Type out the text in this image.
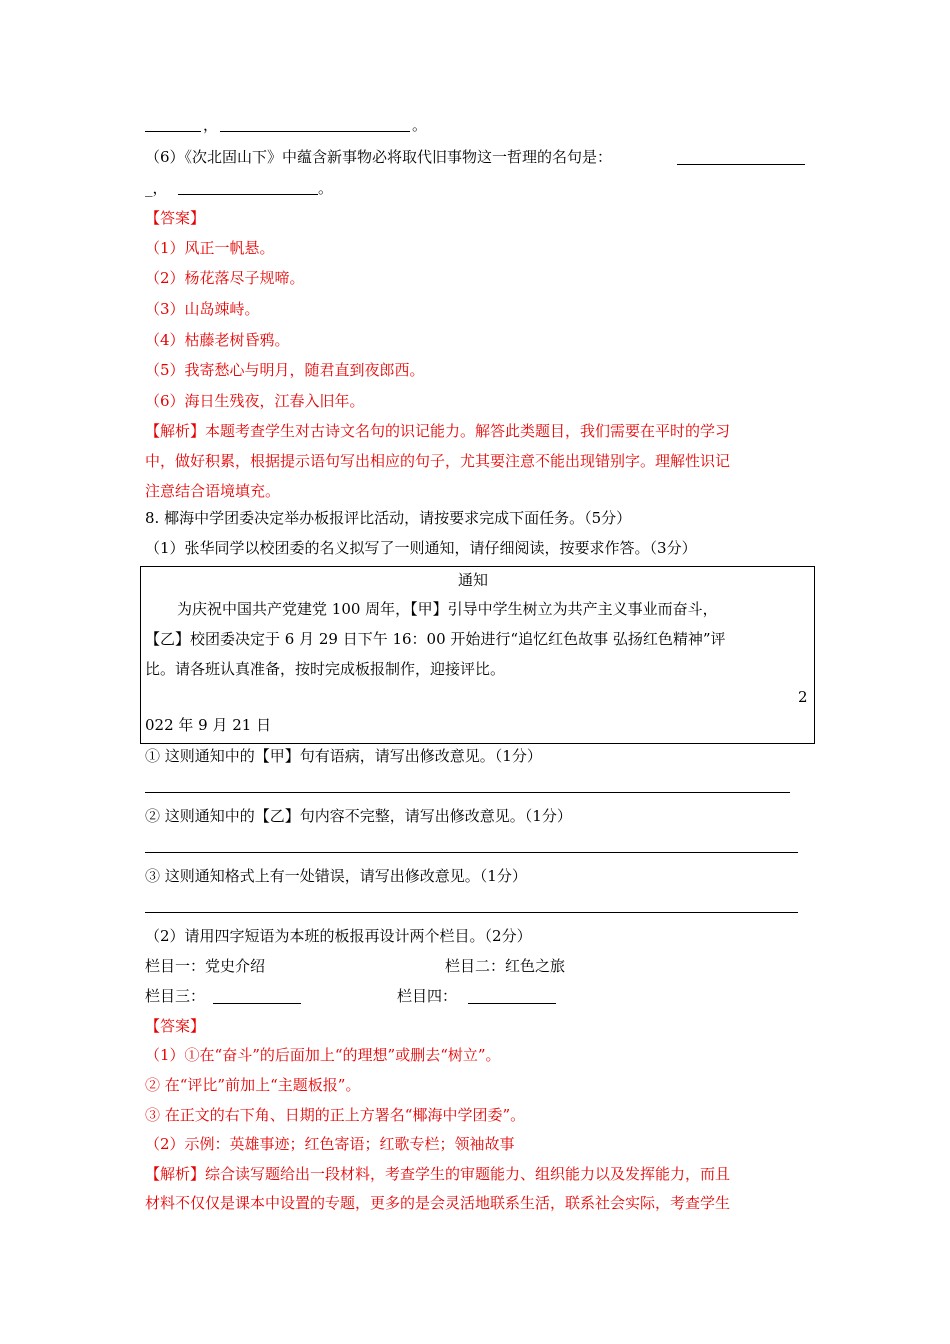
，	。
（6）《次北固山下》中蕴含新事物必将取代旧事物这一哲理的名句是：
_，	。
【答案】
（1）风正一帆悬。
（2）杨花落尽子规啼。
（3）山岛竦峙。
（4）枯藤老树昏鸦。
（5）我寄愁心与明月，随君直到夜郎西。
（6）海日生残夜，江春入旧年。
【解析】本题考查学生对古诗文名句的识记能力。解答此类题目，我们需要在平时的学习
中，做好积累，根据提示语句写出相应的句子，尤其要注意不能出现错别字。理解性识记
注意结合语境填充。
8. 椰海中学团委决定举办板报评比活动，请按要求完成下面任务。（5分）
（1）张华同学以校团委的名义拟写了一则通知，请仔细阅读，按要求作答。（3分）
通知
为庆祝中国共产党建党 100 周年，【甲】引导中学生树立为共产主义事业而奋斗，
【乙】校团委决定于 6 月 29 日下午 16：00 开始进行“追忆红色故事 弘扬红色精神”评
比。请各班认真准备，按时完成板报制作，迎接评比。
2
022 年 9 月 21 日
① 这则通知中的【甲】句有语病，请写出修改意见。（1分）
② 这则通知中的【乙】句内容不完整，请写出修改意见。（1分）
③ 这则通知格式上有一处错误，请写出修改意见。（1分）
（2）请用四字短语为本班的板报再设计两个栏目。（2分）
栏目一：党史介绍	栏目二：红色之旅
栏目三：	栏目四：
【答案】
（1）①在“奋斗”的后面加上“的理想”或删去“树立”。
② 在“评比”前加上“主题板报”。
③ 在正文的右下角、日期的正上方署名“椰海中学团委”。
（2）示例：英雄事迹；红色寄语；红歌专栏；领袖故事
【解析】综合读写题给出一段材料，考查学生的审题能力、组织能力以及发挥能力，而且
材料不仅仅是课本中设置的专题，更多的是会灵活地联系生活，联系社会实际，考查学生
